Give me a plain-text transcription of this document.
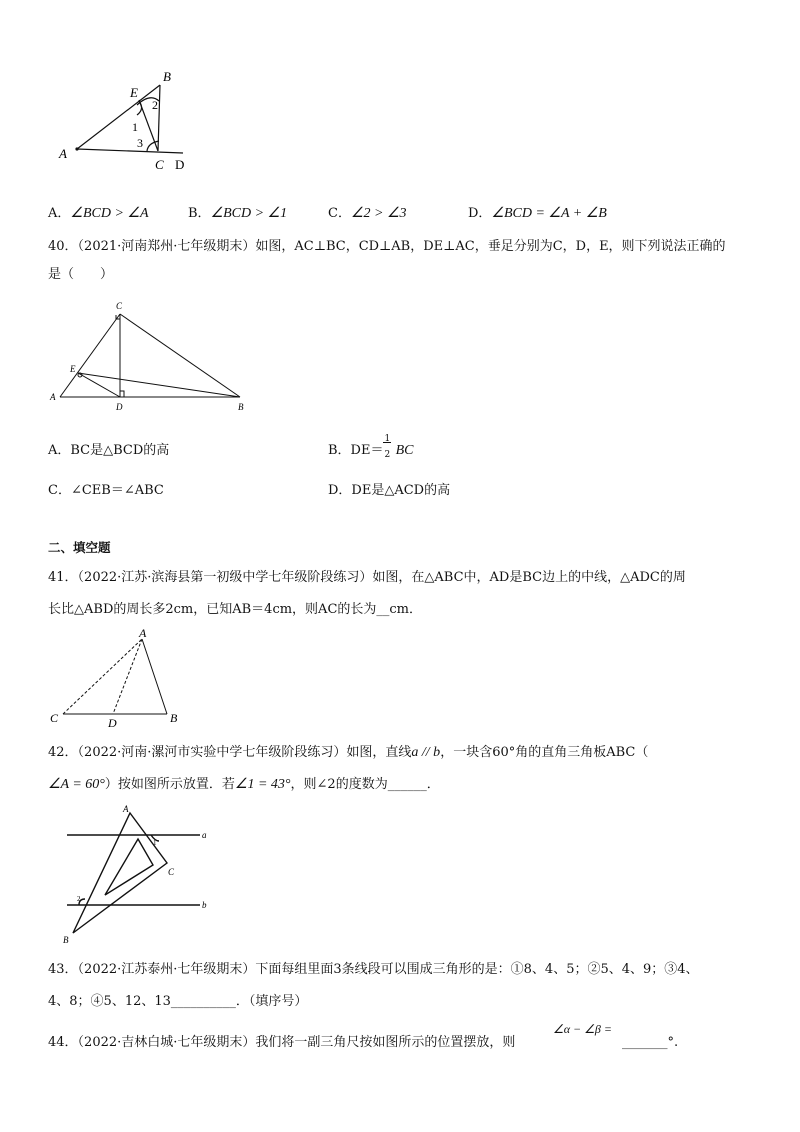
A
B
E
C D
1
2
3
A．∠BCD > ∠A	B．∠BCD > ∠1	C．∠2 > ∠3	D．∠BCD = ∠A + ∠B
40．（2021·河南郑州·七年级期末）如图，AC⊥BC，CD⊥AB，DE⊥AC，垂足分别为C，D，E，则下列说法正确的
是（　　）
C
E
A
D	B
A．BC是△BCD的高	B．$DE= \frac{1}{2}$ BC
C．∠CEB＝∠ABC	D．DE是△ACD的高
二、填空题
41．（2022·江苏·滨海县第一初级中学七年级阶段练习）如图，在△ABC中，AD是BC边上的中线，△ADC的周
长比△ABD的周长多2cm，已知AB＝4cm，则AC的长为__cm．
A
C	D	B
42．（2022·河南·漯河市实验中学七年级阶段练习）如图，直线a // b，一块含60°角的直角三角板ABC（
∠A = 60°）按如图所示放置．若∠1 = 43°，则∠2的度数为______．
A
C
B
a
b
1
2
43．（2022·江苏泰州·七年级期末）下面每组里面3条线段可以围成三角形的是：①8、4、5；②5、4、9；③4、
4、8；④5、12、13__________．（填序号）
44．（2022·吉林白城·七年级期末）我们将一副三角尺按如图所示的位置摆放，则
∠α − ∠β =
_______°.
